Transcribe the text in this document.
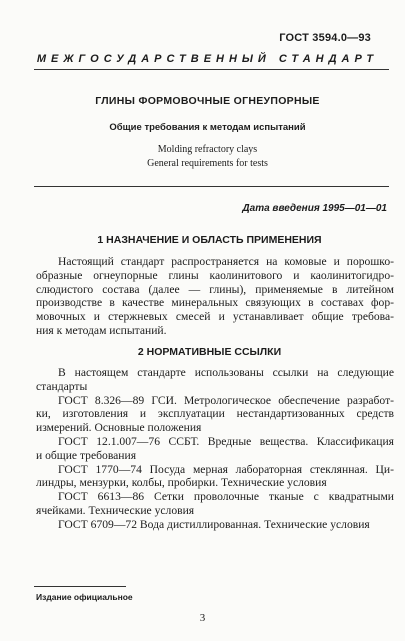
ГОСТ 3594.0—93
МЕЖГОСУДАРСТВЕННЫЙ СТАНДАРТ
ГЛИНЫ ФОРМОВОЧНЫЕ ОГНЕУПОРНЫЕ
Общие требования к методам испытаний
Molding refractory clays
General requirements for tests
Дата введения 1995—01—01
1 НАЗНАЧЕНИЕ И ОБЛАСТЬ ПРИМЕНЕНИЯ
Настоящий стандарт распространяется на комовые и порошко-
образные огнеупорные глины каолинитового и каолинитогидро-
слюдистого состава (далее — глины), применяемые в литейном
производстве в качестве минеральных связующих в составах фор-
мовочных и стержневых смесей и устанавливает общие требова-
ния к методам испытаний.
2 НОРМАТИВНЫЕ ССЫЛКИ
В настоящем стандарте использованы ссылки на следующие
стандарты
ГОСТ 8.326—89 ГСИ. Метрологическое обеспечение разработ-
ки, изготовления и эксплуатации нестандартизованных средств
измерений. Основные положения
ГОСТ 12.1.007—76 ССБТ. Вредные вещества. Классификация
и общие требования
ГОСТ 1770—74 Посуда мерная лабораторная стеклянная. Ци-
линдры, мензурки, колбы, пробирки. Технические условия
ГОСТ 6613—86 Сетки проволочные тканые с квадратными
ячейками. Технические условия
ГОСТ 6709—72 Вода дистиллированная. Технические условия
Издание официальное
3
